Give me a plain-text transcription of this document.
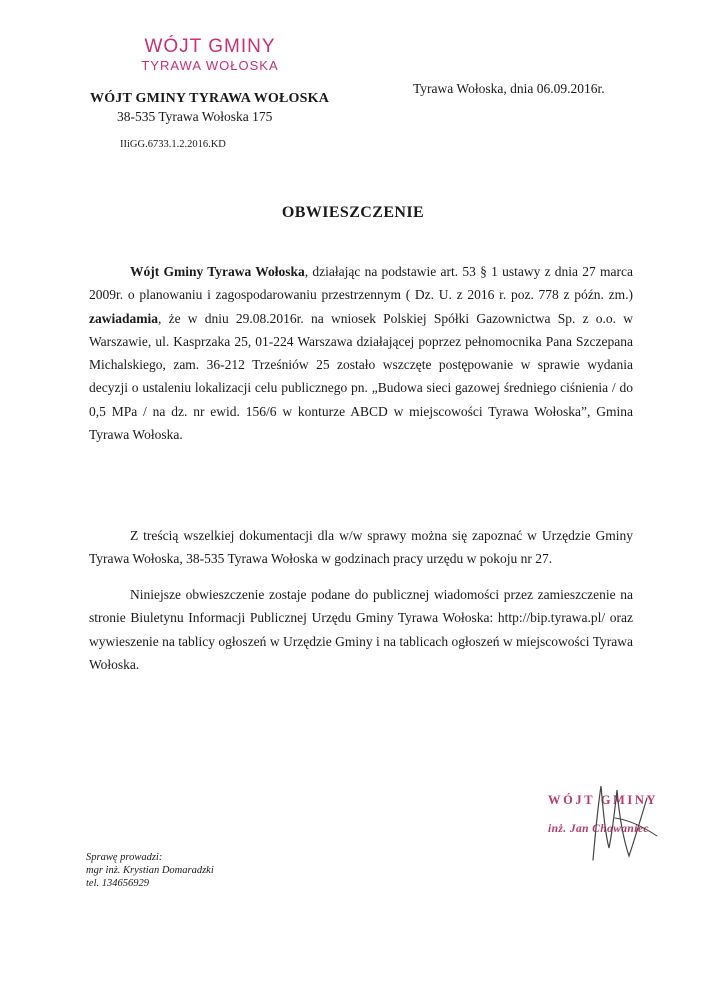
WÓJT GMINY
TYRAWA WOŁOSKA
WÓJT GMINY TYRAWA WOŁOSKA
38-535 Tyrawa Wołoska 175
IIiGG.6733.1.2.2016.KD
Tyrawa Wołoska, dnia 06.09.2016r.
OBWIESZCZENIE
Wójt Gminy Tyrawa Wołoska, działając na podstawie art. 53 § 1 ustawy z dnia 27 marca 2009r. o planowaniu i zagospodarowaniu przestrzennym ( Dz. U. z 2016 r. poz. 778 z późn. zm.) zawiadamia, że w dniu 29.08.2016r. na wniosek Polskiej Spółki Gazownictwa Sp. z o.o. w Warszawie, ul. Kasprzaka 25, 01-224 Warszawa działającej poprzez pełnomocnika Pana Szczepana Michalskiego, zam. 36-212 Trześniów 25 zostało wszczęte postępowanie w sprawie wydania decyzji o ustaleniu lokalizacji celu publicznego pn. „Budowa sieci gazowej średniego ciśnienia / do 0,5 MPa / na dz. nr ewid. 156/6 w konturze ABCD w miejscowości Tyrawa Wołoska”, Gmina Tyrawa Wołoska.
Z treścią wszelkiej dokumentacji dla w/w sprawy można się zapoznać w Urzędzie Gminy Tyrawa Wołoska, 38-535 Tyrawa Wołoska w godzinach pracy urzędu w pokoju nr 27.
Niniejsze obwieszczenie zostaje podane do publicznej wiadomości przez zamieszczenie na stronie Biuletynu Informacji Publicznej Urzędu Gminy Tyrawa Wołoska: http://bip.tyrawa.pl/ oraz wywieszenie na tablicy ogłoszeń w Urzędzie Gminy i na tablicach ogłoszeń w miejscowości Tyrawa Wołoska.
WÓJT GMINY
inż. Jan Chowaniec
Sprawę prowadzi:
mgr inż. Krystian Domaradzki
tel. 134656929
